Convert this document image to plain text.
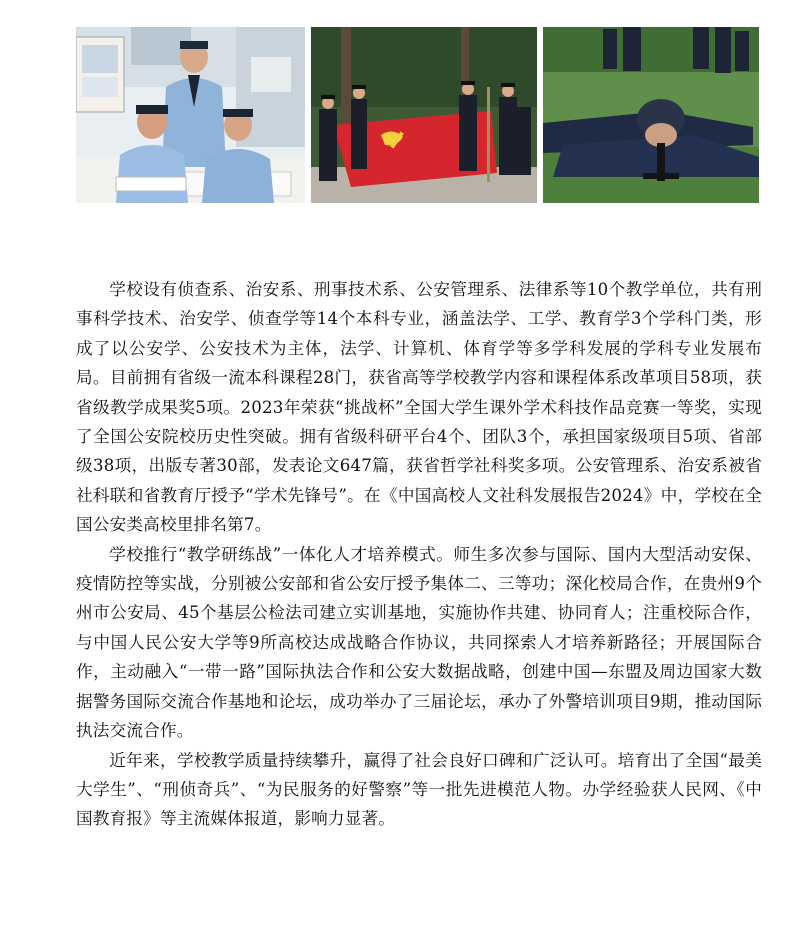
学校设有侦查系、治安系、刑事技术系、公安管理系、法律系等10个教学单位，共有刑事科学技术、治安学、侦查学等14个本科专业，涵盖法学、工学、教育学3个学科门类，形成了以公安学、公安技术为主体，法学、计算机、体育学等多学科发展的学科专业发展布局。目前拥有省级一流本科课程28门，获省高等学校教学内容和课程体系改革项目58项，获省级教学成果奖5项。2023年荣获“挑战杯”全国大学生课外学术科技作品竞赛一等奖，实现了全国公安院校历史性突破。拥有省级科研平台4个、团队3个，承担国家级项目5项、省部级38项，出版专著30部，发表论文647篇，获省哲学社科奖多项。公安管理系、治安系被省社科联和省教育厅授予“学术先锋号”。在《中国高校人文社科发展报告2024》中，学校在全国公安类高校里排名第7。

学校推行“教学研练战”一体化人才培养模式。师生多次参与国际、国内大型活动安保、疫情防控等实战，分别被公安部和省公安厅授予集体二、三等功；深化校局合作，在贵州9个州市公安局、45个基层公检法司建立实训基地，实施协作共建、协同育人；注重校际合作，与中国人民公安大学等9所高校达成战略合作协议，共同探索人才培养新路径；开展国际合作，主动融入“一带一路”国际执法合作和公安大数据战略，创建中国—东盟及周边国家大数据警务国际交流合作基地和论坛，成功举办了三届论坛，承办了外警培训项目9期，推动国际执法交流合作。

近年来，学校教学质量持续攀升，赢得了社会良好口碑和广泛认可。培育出了全国“最美大学生”、“刑侦奇兵”、“为民服务的好警察”等一批先进模范人物。办学经验获人民网、《中国教育报》等主流媒体报道，影响力显著。
